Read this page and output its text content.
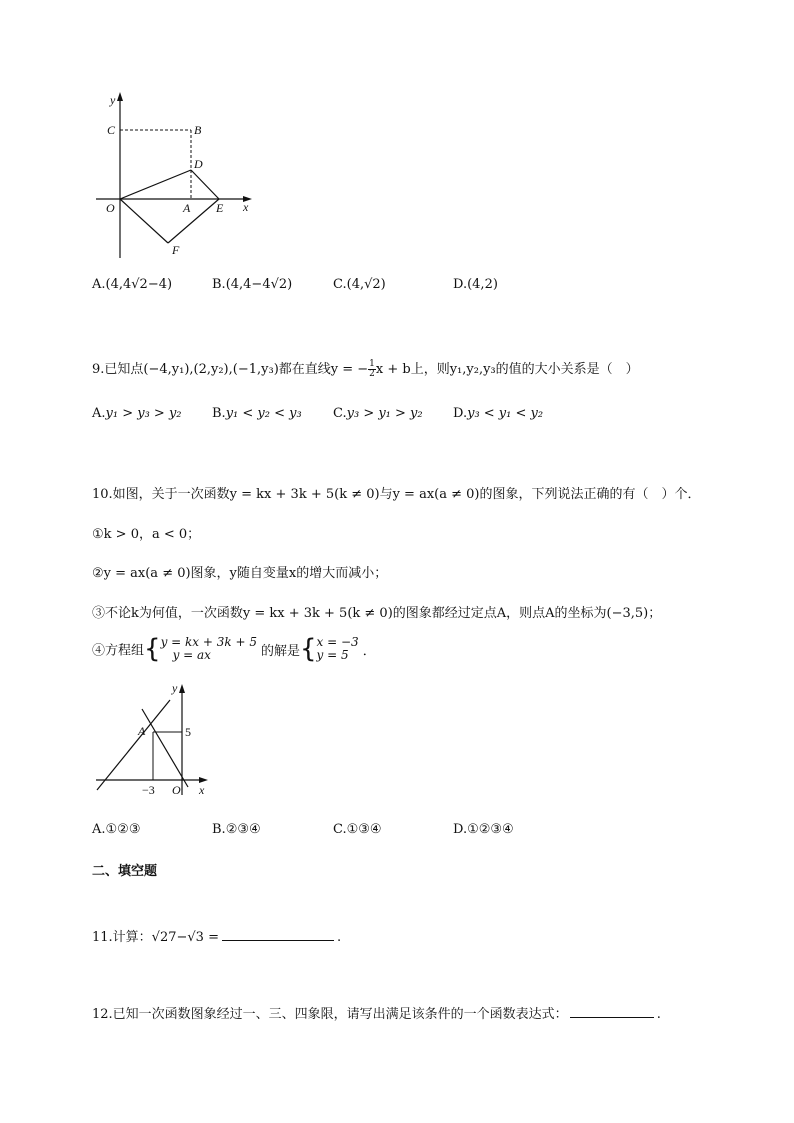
y
x
C	B
D
O	A E
F
A.(4,4√2−4)	B.(4,4−4√2)	C.(4,√2)	D.(4,2)
9.已知点(−4,y₁),(2,y₂),(−1,y₃)都在直线y = − $\frac{1}{2}x + b$上，则y₁,y₂,y₃的值的大小关系是（　）
A.y₁ > y₃ > y₂ B.y₁ < y₂ < y₃ C.y₃ > y₁ > y₂ D.y₃ < y₁ < y₂
10.如图，关于一次函数y = kx + 3k + 5(k ≠ 0)与y = ax(a ≠ 0)的图象，下列说法正确的有（　）个．
①k > 0，a < 0；
②y = ax(a ≠ 0)图象，y随自变量x的增大而减小；
③不论k为何值，一次函数y = kx + 3k + 5(k ≠ 0)的图象都经过定点A，则点A的坐标为(−3,5)；
④方程组{ y = kx + 3k + 5
y = ax	的解是{ x = −3
y = 5	．
y
x
A	5
−3 O
A.①②③	B.②③④	C.①③④	D.①②③④
二、填空题
11.计算：√27−√3 =	.
12.已知一次函数图象经过一、三、四象限，请写出满足该条件的一个函数表达式：	.
